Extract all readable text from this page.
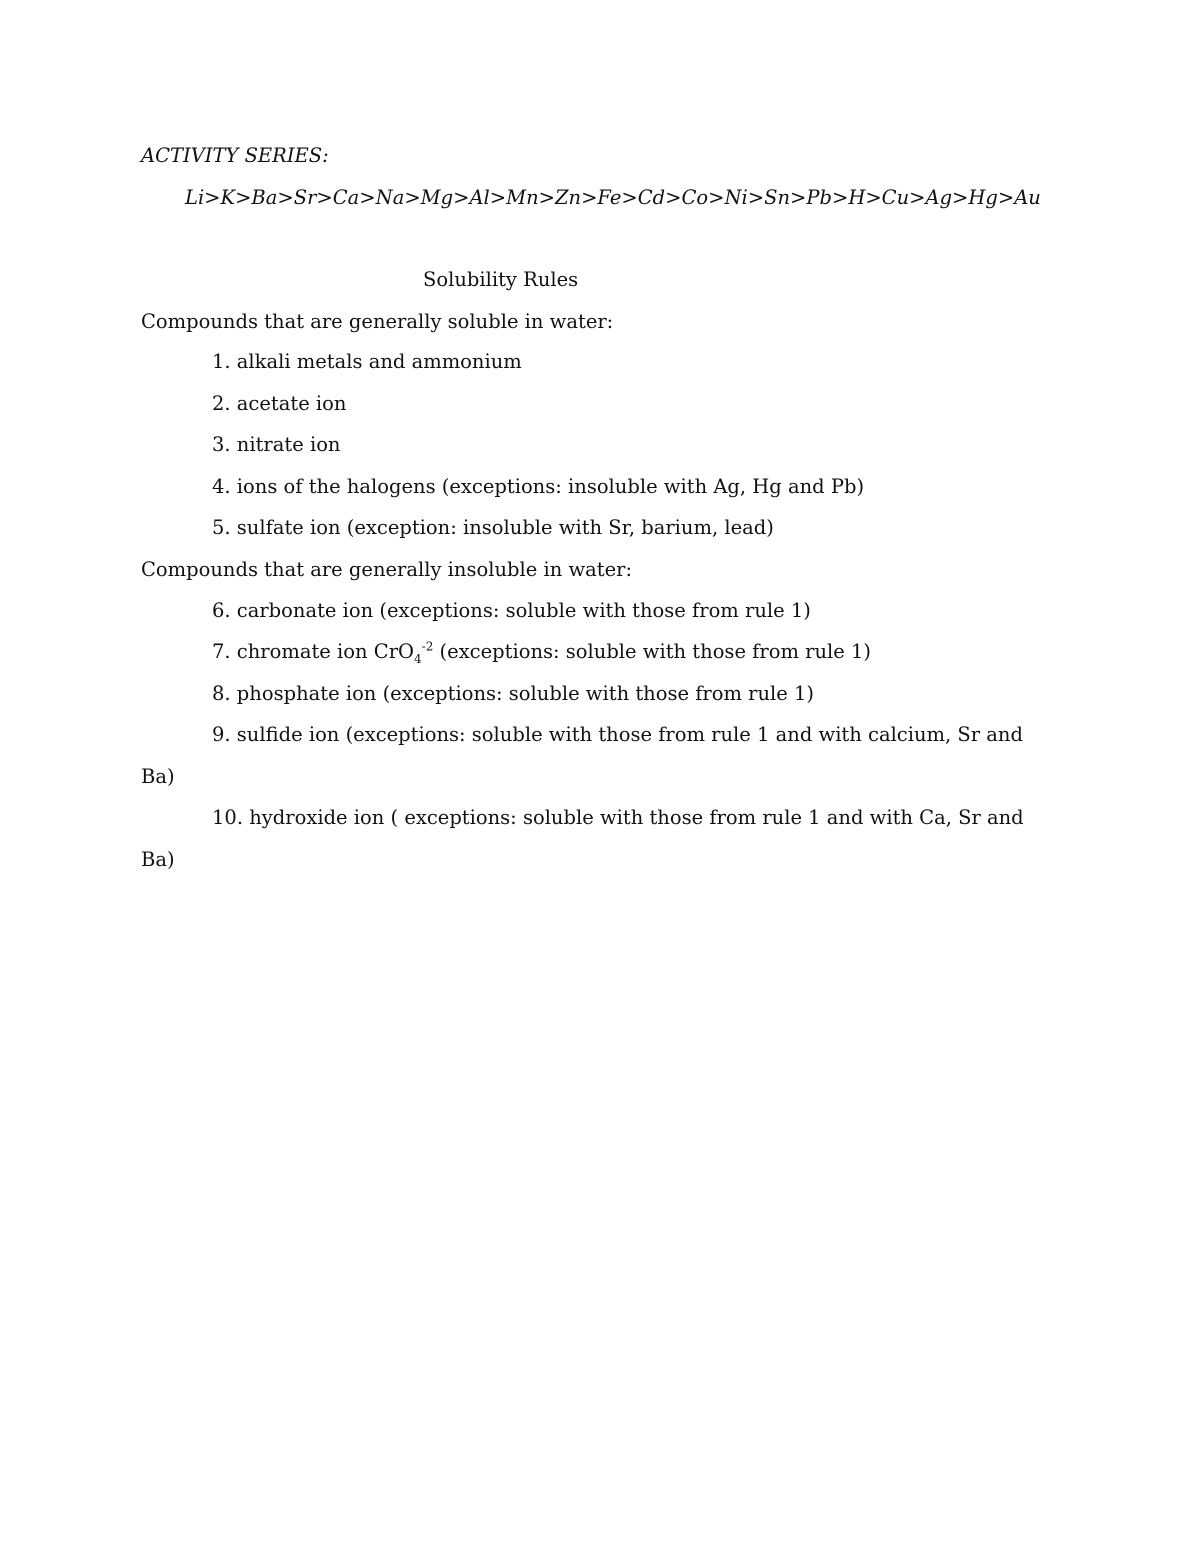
ACTIVITY SERIES:
Li>K>Ba>Sr>Ca>Na>Mg>Al>Mn>Zn>Fe>Cd>Co>Ni>Sn>Pb>H>Cu>Ag>Hg>Au
Solubility Rules
Compounds that are generally soluble in water:
1. alkali metals and ammonium
2. acetate ion
3. nitrate ion
4. ions of the halogens (exceptions: insoluble with Ag, Hg and Pb)
5. sulfate ion (exception: insoluble with Sr, barium, lead)
Compounds that are generally insoluble in water:
6. carbonate ion (exceptions: soluble with those from rule 1)
7. chromate ion CrO$_4^{-2}$ (exceptions: soluble with those from rule 1)
8. phosphate ion (exceptions: soluble with those from rule 1)
9. sulfide ion (exceptions: soluble with those from rule 1 and with calcium, Sr and
Ba)
10. hydroxide ion ( exceptions: soluble with those from rule 1 and with Ca, Sr and
Ba)
